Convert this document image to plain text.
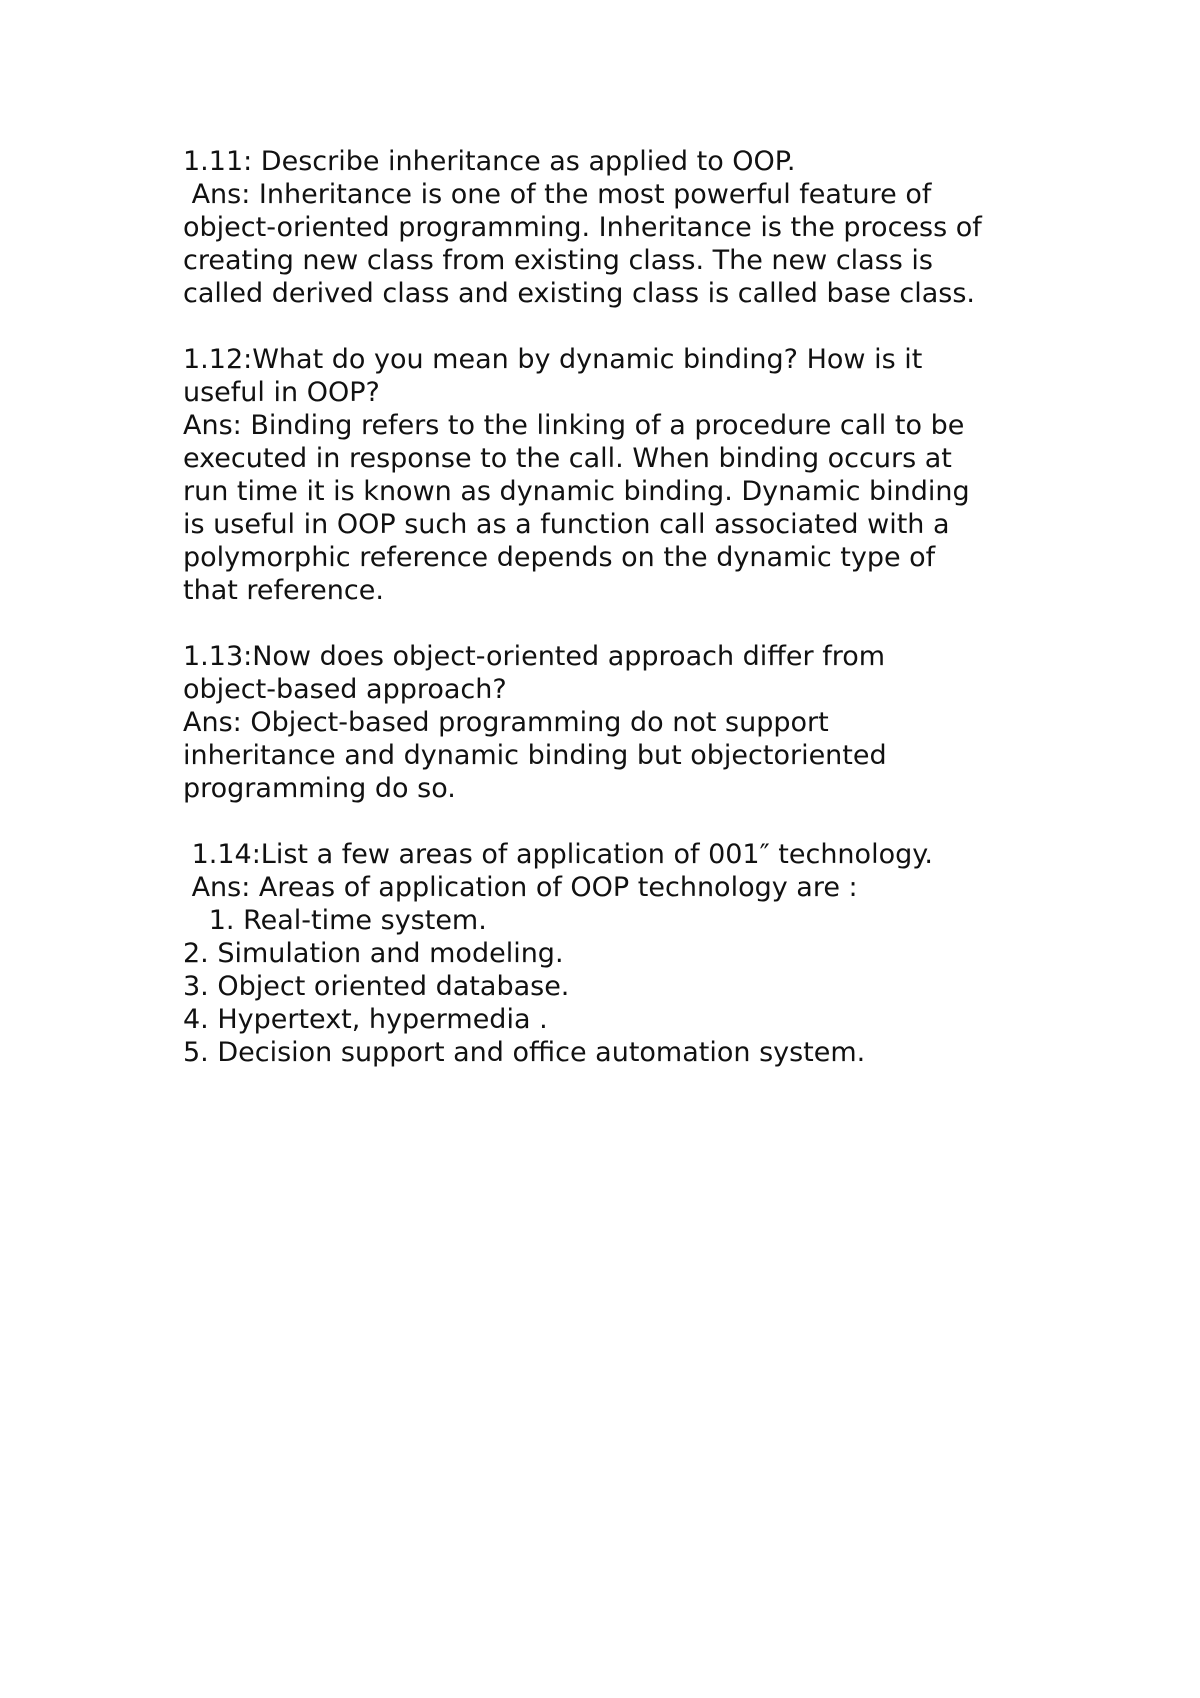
1.11: Describe inheritance as applied to OOP.
Ans: Inheritance is one of the most powerful feature of
object-oriented programming. Inheritance is the process of
creating new class from existing class. The new class is
called derived class and existing class is called base class.
1.12:What do you mean by dynamic binding? How is it
useful in OOP?
Ans: Binding refers to the linking of a procedure call to be
executed in response to the call. When binding occurs at
run time it is known as dynamic binding. Dynamic binding
is useful in OOP such as a function call associated with a
polymorphic reference depends on the dynamic type of
that reference.
1.13:Now does object-oriented approach differ from
object-based approach?
Ans: Object-based programming do not support
inheritance and dynamic binding but objectoriented
programming do so.
1.14:List a few areas of application of 001″ technology.
Ans: Areas of application of OOP technology are :
1. Real-time system.
2. Simulation and modeling.
3. Object oriented database.
4. Hypertext, hypermedia .
5. Decision support and office automation system.
